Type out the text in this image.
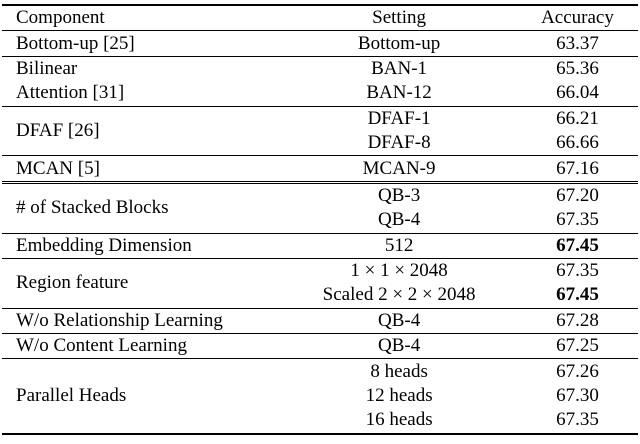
Component	Setting	Accuracy
Bottom-up [25]	Bottom-up	63.37
Bilinear	BAN-1	65.36
Attention [31]	BAN-12	66.04
DFAF [26]	DFAF-1	66.21
	DFAF-8	66.66
MCAN [5]	MCAN-9	67.16
# of Stacked Blocks	QB-3	67.20
	QB-4	67.35
Embedding Dimension	512	67.45
Region feature	1 × 1 × 2048	67.35
	Scaled 2 × 2 × 2048	67.45
W/o Relationship Learning	QB-4	67.28
W/o Content Learning	QB-4	67.25
Parallel Heads	8 heads	67.26
	12 heads	67.30
	16 heads	67.35
